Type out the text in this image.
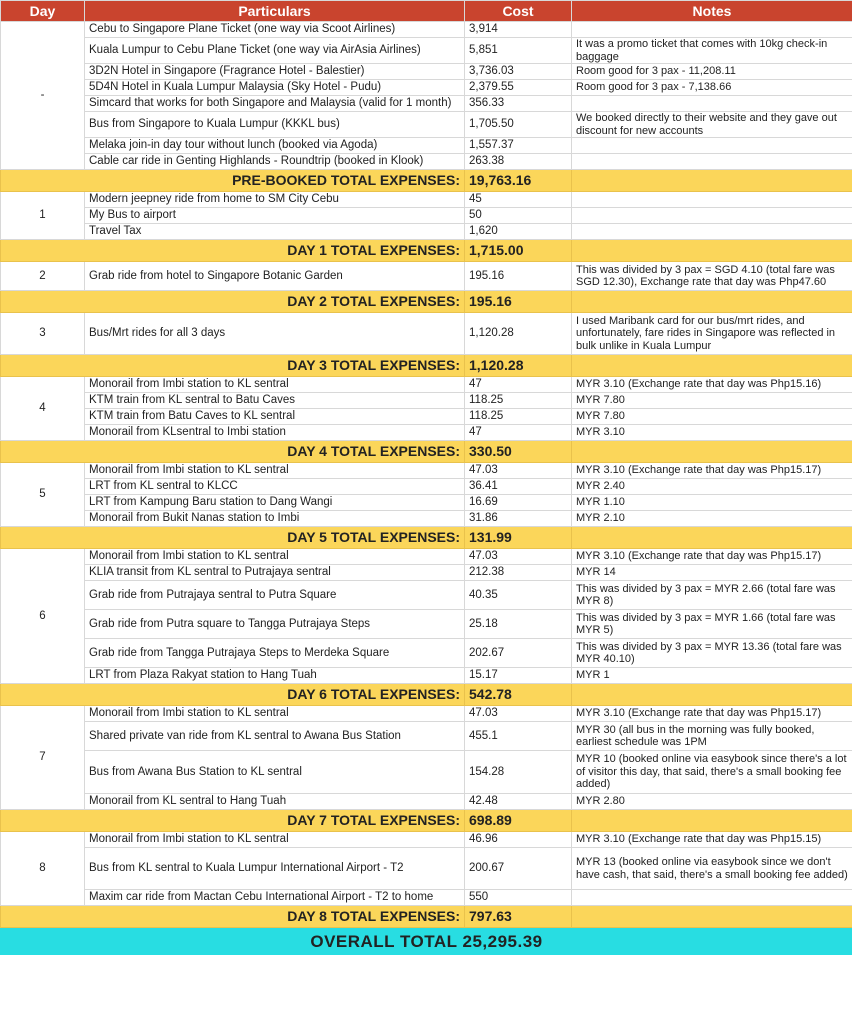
Day	Particulars	Cost	Notes
-	Cebu to Singapore Plane Ticket (one way via Scoot Airlines)	3,914	
	Kuala Lumpur to Cebu Plane Ticket (one way via AirAsia Airlines)	5,851	It was a promo ticket that comes with 10kg check-in baggage
	3D2N Hotel in Singapore (Fragrance Hotel - Balestier)	3,736.03	Room good for 3 pax - 11,208.11
	5D4N Hotel in Kuala Lumpur Malaysia (Sky Hotel - Pudu)	2,379.55	Room good for 3 pax - 7,138.66
	Simcard that works for both Singapore and Malaysia (valid for 1 month)	356.33	
	Bus from Singapore to Kuala Lumpur (KKKL bus)	1,705.50	We booked directly to their website and they gave out discount for new accounts
	Melaka join-in day tour without lunch (booked via Agoda)	1,557.37	
	Cable car ride in Genting Highlands - Roundtrip (booked in Klook)	263.38	
PRE-BOOKED TOTAL EXPENSES:		19,763.16	
1	Modern jeepney ride from home to SM City Cebu	45	
	My Bus to airport	50	
	Travel Tax	1,620	
DAY 1 TOTAL EXPENSES:		1,715.00	
2	Grab ride from hotel to Singapore Botanic Garden	195.16	This was divided by 3 pax = SGD 4.10 (total fare was SGD 12.30), Exchange rate that day was Php47.60
DAY 2 TOTAL EXPENSES:		195.16	
3	Bus/Mrt rides for all 3 days	1,120.28	I used Maribank card for our bus/mrt rides, and unfortunately, fare rides in Singapore was reflected in bulk unlike in Kuala Lumpur
DAY 3 TOTAL EXPENSES:		1,120.28	
4	Monorail from Imbi station to KL sentral	47	MYR 3.10 (Exchange rate that day was Php15.16)
	KTM train from KL sentral to Batu Caves	118.25	MYR 7.80
	KTM train from Batu Caves to KL sentral	118.25	MYR 7.80
	Monorail from KLsentral to Imbi station	47	MYR 3.10
DAY 4 TOTAL EXPENSES:		330.50	
5	Monorail from Imbi station to KL sentral	47.03	MYR 3.10 (Exchange rate that day was Php15.17)
	LRT from KL sentral to KLCC	36.41	MYR 2.40
	LRT from Kampung Baru station to Dang Wangi	16.69	MYR 1.10
	Monorail from Bukit Nanas station to Imbi	31.86	MYR 2.10
DAY 5 TOTAL EXPENSES:		131.99	
6	Monorail from Imbi station to KL sentral	47.03	MYR 3.10 (Exchange rate that day was Php15.17)
	KLIA transit from KL sentral to Putrajaya sentral	212.38	MYR 14
	Grab ride from Putrajaya sentral to Putra Square	40.35	This was divided by 3 pax = MYR 2.66 (total fare was MYR 8)
	Grab ride from Putra square to Tangga Putrajaya Steps	25.18	This was divided by 3 pax = MYR 1.66 (total fare was MYR 5)
	Grab ride from Tangga Putrajaya Steps to Merdeka Square	202.67	This was divided by 3 pax = MYR 13.36 (total fare was MYR 40.10)
	LRT from Plaza Rakyat station to Hang Tuah	15.17	MYR 1
DAY 6 TOTAL EXPENSES:		542.78	
7	Monorail from Imbi station to KL sentral	47.03	MYR 3.10 (Exchange rate that day was Php15.17)
	Shared private van ride from KL sentral to Awana Bus Station	455.1	MYR 30 (all bus in the morning was fully booked, earliest schedule was 1PM
	Bus from Awana Bus Station to KL sentral	154.28	MYR 10 (booked online via easybook since there's a lot of visitor this day, that said, there's a small booking fee added)
	Monorail from KL sentral to Hang Tuah	42.48	MYR 2.80
DAY 7 TOTAL EXPENSES:		698.89	
8	Monorail from Imbi station to KL sentral	46.96	MYR 3.10 (Exchange rate that day was Php15.15)
	Bus from KL sentral to Kuala Lumpur International Airport - T2	200.67	MYR 13 (booked online via easybook since we don't have cash, that said, there's a small booking fee added)
	Maxim car ride from Mactan Cebu International Airport - T2 to home	550	
DAY 8 TOTAL EXPENSES:		797.63	
OVERALL TOTAL 25,295.39			
